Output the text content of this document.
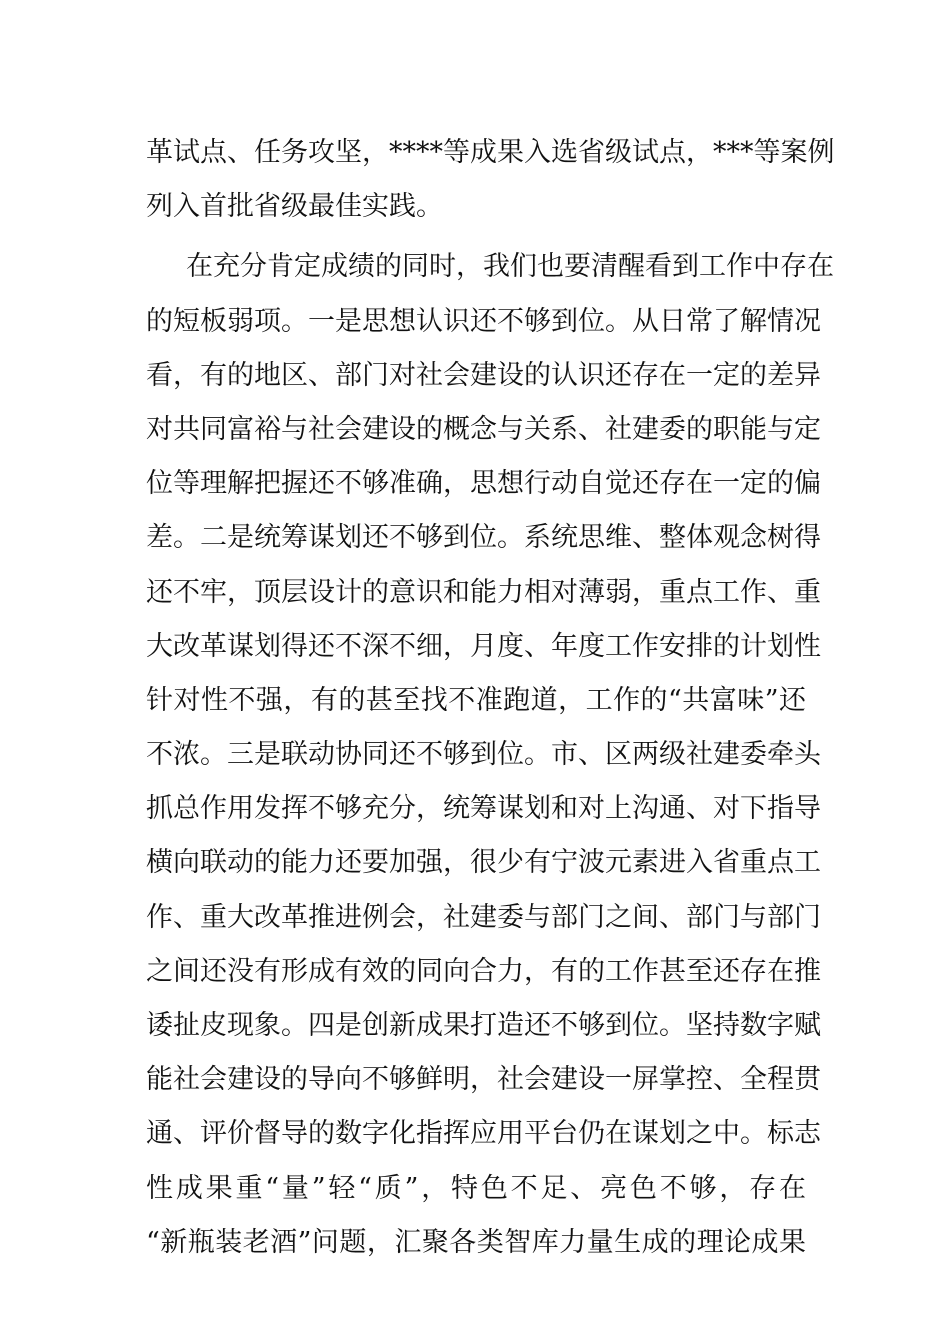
革试点、任务攻坚，****等成果入选省级试点，***等案例
列入首批省级最佳实践。
在充分肯定成绩的同时，我们也要清醒看到工作中存在
的短板弱项。一是思想认识还不够到位。从日常了解情况
看，有的地区、部门对社会建设的认识还存在一定的差异
对共同富裕与社会建设的概念与关系、社建委的职能与定
位等理解把握还不够准确，思想行动自觉还存在一定的偏
差。二是统筹谋划还不够到位。系统思维、整体观念树得
还不牢，顶层设计的意识和能力相对薄弱，重点工作、重
大改革谋划得还不深不细，月度、年度工作安排的计划性
针对性不强，有的甚至找不准跑道，工作的“共富味”还
不浓。三是联动协同还不够到位。市、区两级社建委牵头
抓总作用发挥不够充分，统筹谋划和对上沟通、对下指导
横向联动的能力还要加强，很少有宁波元素进入省重点工
作、重大改革推进例会，社建委与部门之间、部门与部门
之间还没有形成有效的同向合力，有的工作甚至还存在推
诿扯皮现象。四是创新成果打造还不够到位。坚持数字赋
能社会建设的导向不够鲜明，社会建设一屏掌控、全程贯
通、评价督导的数字化指挥应用平台仍在谋划之中。标志
性成果重“量”轻“质”，特色不足、亮色不够，存在
“新瓶装老酒”问题，汇聚各类智库力量生成的理论成果
